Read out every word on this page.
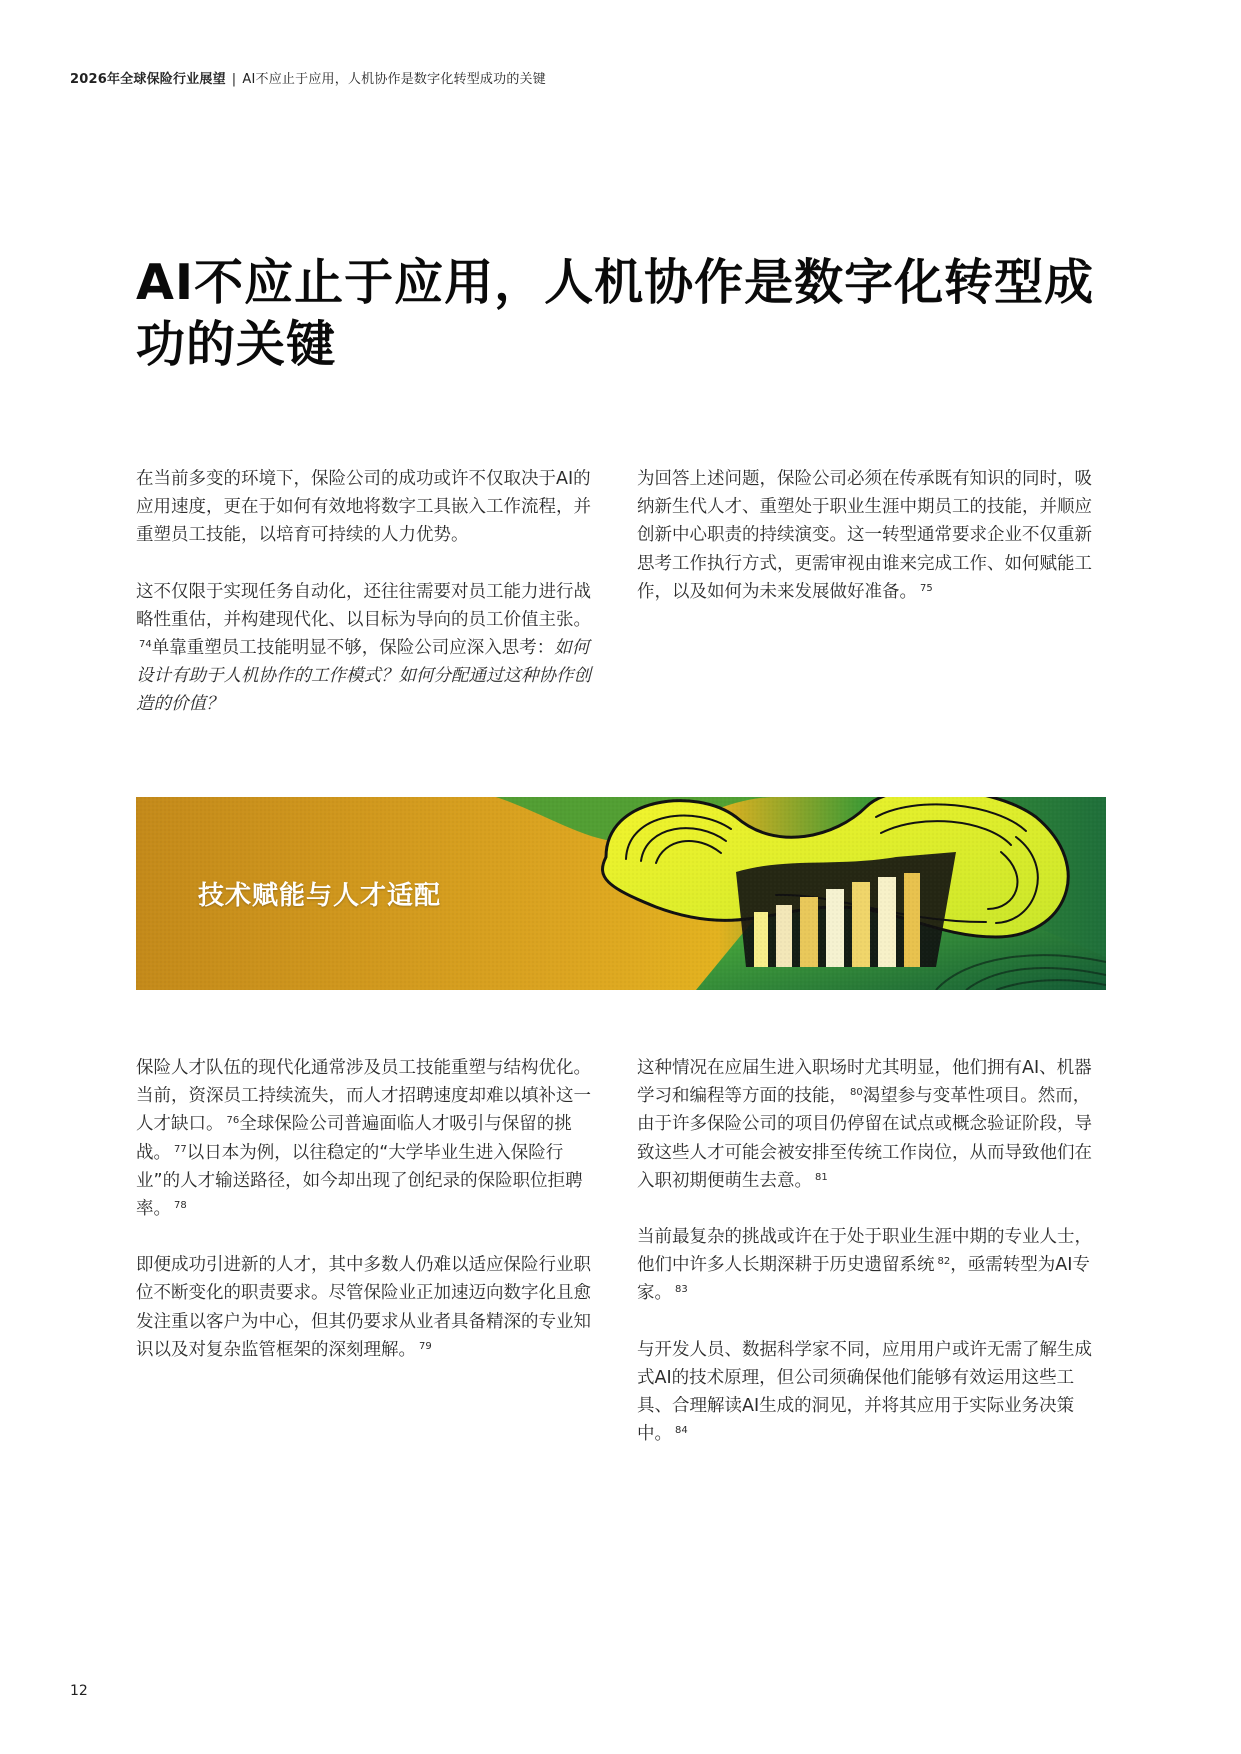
2026年全球保险行业展望 | AI不应止于应用，人机协作是数字化转型成功的关键
AI不应止于应用，人机协作是数字化转型成功的关键

在当前多变的环境下，保险公司的成功或许不仅取决于AI的应用速度，更在于如何有效地将数字工具嵌入工作流程，并重塑员工技能，以培育可持续的人力优势。

这不仅限于实现任务自动化，还往往需要对员工能力进行战略性重估，并构建现代化、以目标为导向的员工价值主张。$^{74}$单靠重塑员工技能明显不够，保险公司应深入思考：如何设计有助于人机协作的工作模式？如何分配通过这种协作创造的价值？

为回答上述问题，保险公司必须在传承既有知识的同时，吸纳新生代人才、重塑处于职业生涯中期员工的技能，并顺应创新中心职责的持续演变。这一转型通常要求企业不仅重新思考工作执行方式，更需审视由谁来完成工作、如何赋能工作，以及如何为未来发展做好准备。 $^{75}$

技术赋能与人才适配

保险人才队伍的现代化通常涉及员工技能重塑与结构优化。当前，资深员工持续流失，而人才招聘速度却难以填补这一人才缺口。 $^{76}$全球保险公司普遍面临人才吸引与保留的挑战。 $^{77}$以日本为例，以往稳定的“大学毕业生进入保险行业”的人才输送路径，如今却出现了创纪录的保险职位拒聘率。 $^{78}$

即便成功引进新的人才，其中多数人仍难以适应保险行业职位不断变化的职责要求。尽管保险业正加速迈向数字化且愈发注重以客户为中心，但其仍要求从业者具备精深的专业知识以及对复杂监管框架的深刻理解。 $^{79}$

这种情况在应届生进入职场时尤其明显，他们拥有AI、机器学习和编程等方面的技能， $^{80}$渴望参与变革性项目。然而，由于许多保险公司的项目仍停留在试点或概念验证阶段，导致这些人才可能会被安排至传统工作岗位，从而导致他们在入职初期便萌生去意。 $^{81}$

当前最复杂的挑战或许在于处于职业生涯中期的专业人士，他们中许多人长期深耕于历史遗留系统 $^{82}$，亟需转型为AI专家。 $^{83}$

与开发人员、数据科学家不同，应用用户或许无需了解生成式AI的技术原理，但公司须确保他们能够有效运用这些工具、合理解读AI生成的洞见，并将其应用于实际业务决策中。 $^{84}$

12
